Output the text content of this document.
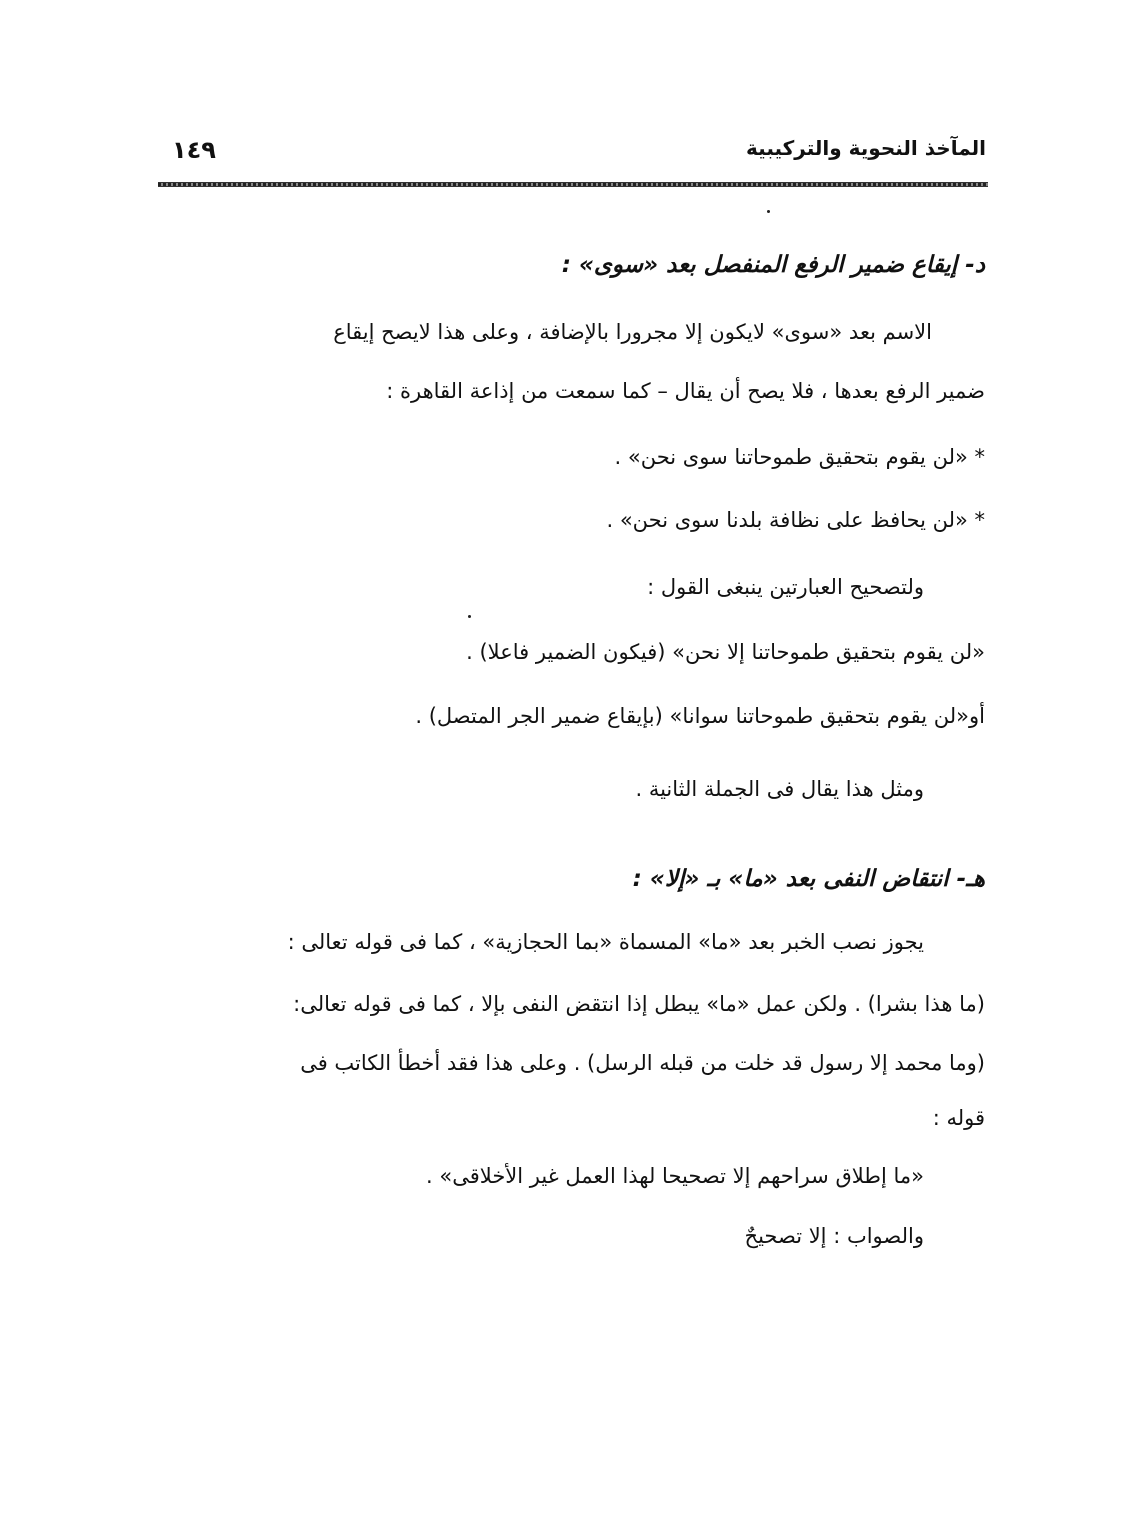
المآخذ النحوية والتركيبية
١٤٩
د- إيقاع ضمير الرفع المنفصل بعد «سوى» :
الاسم بعد «سوى» لايكون إلا مجرورا بالإضافة ، وعلى هذا لايصح إيقاع
ضمير الرفع بعدها ، فلا يصح أن يقال – كما سمعت من إذاعة القاهرة :
* «لن يقوم بتحقيق طموحاتنا سوى نحن» .
* «لن يحافظ على نظافة بلدنا سوى نحن» .
ولتصحيح العبارتين ينبغى القول :
«لن يقوم بتحقيق طموحاتنا إلا نحن» (فيكون الضمير فاعلا) .
أو«لن يقوم بتحقيق طموحاتنا سوانا» (بإيقاع ضمير الجر المتصل) .
ومثل هذا يقال فى الجملة الثانية .
هـ- انتقاض النفى بعد «ما» بـ «إلا» :
يجوز نصب الخبر بعد «ما» المسماة «بما الحجازية» ، كما فى قوله تعالى :
(ما هذا بشرا) . ولكن عمل «ما» يبطل إذا انتقض النفى بإلا ، كما فى قوله تعالى:
(وما محمد إلا رسول قد خلت من قبله الرسل) . وعلى هذا فقد أخطأ الكاتب فى
قوله :
«ما إطلاق سراحهم إلا تصحيحا لهذا العمل غير الأخلاقى» .
والصواب : إلا تصحيحٌ
